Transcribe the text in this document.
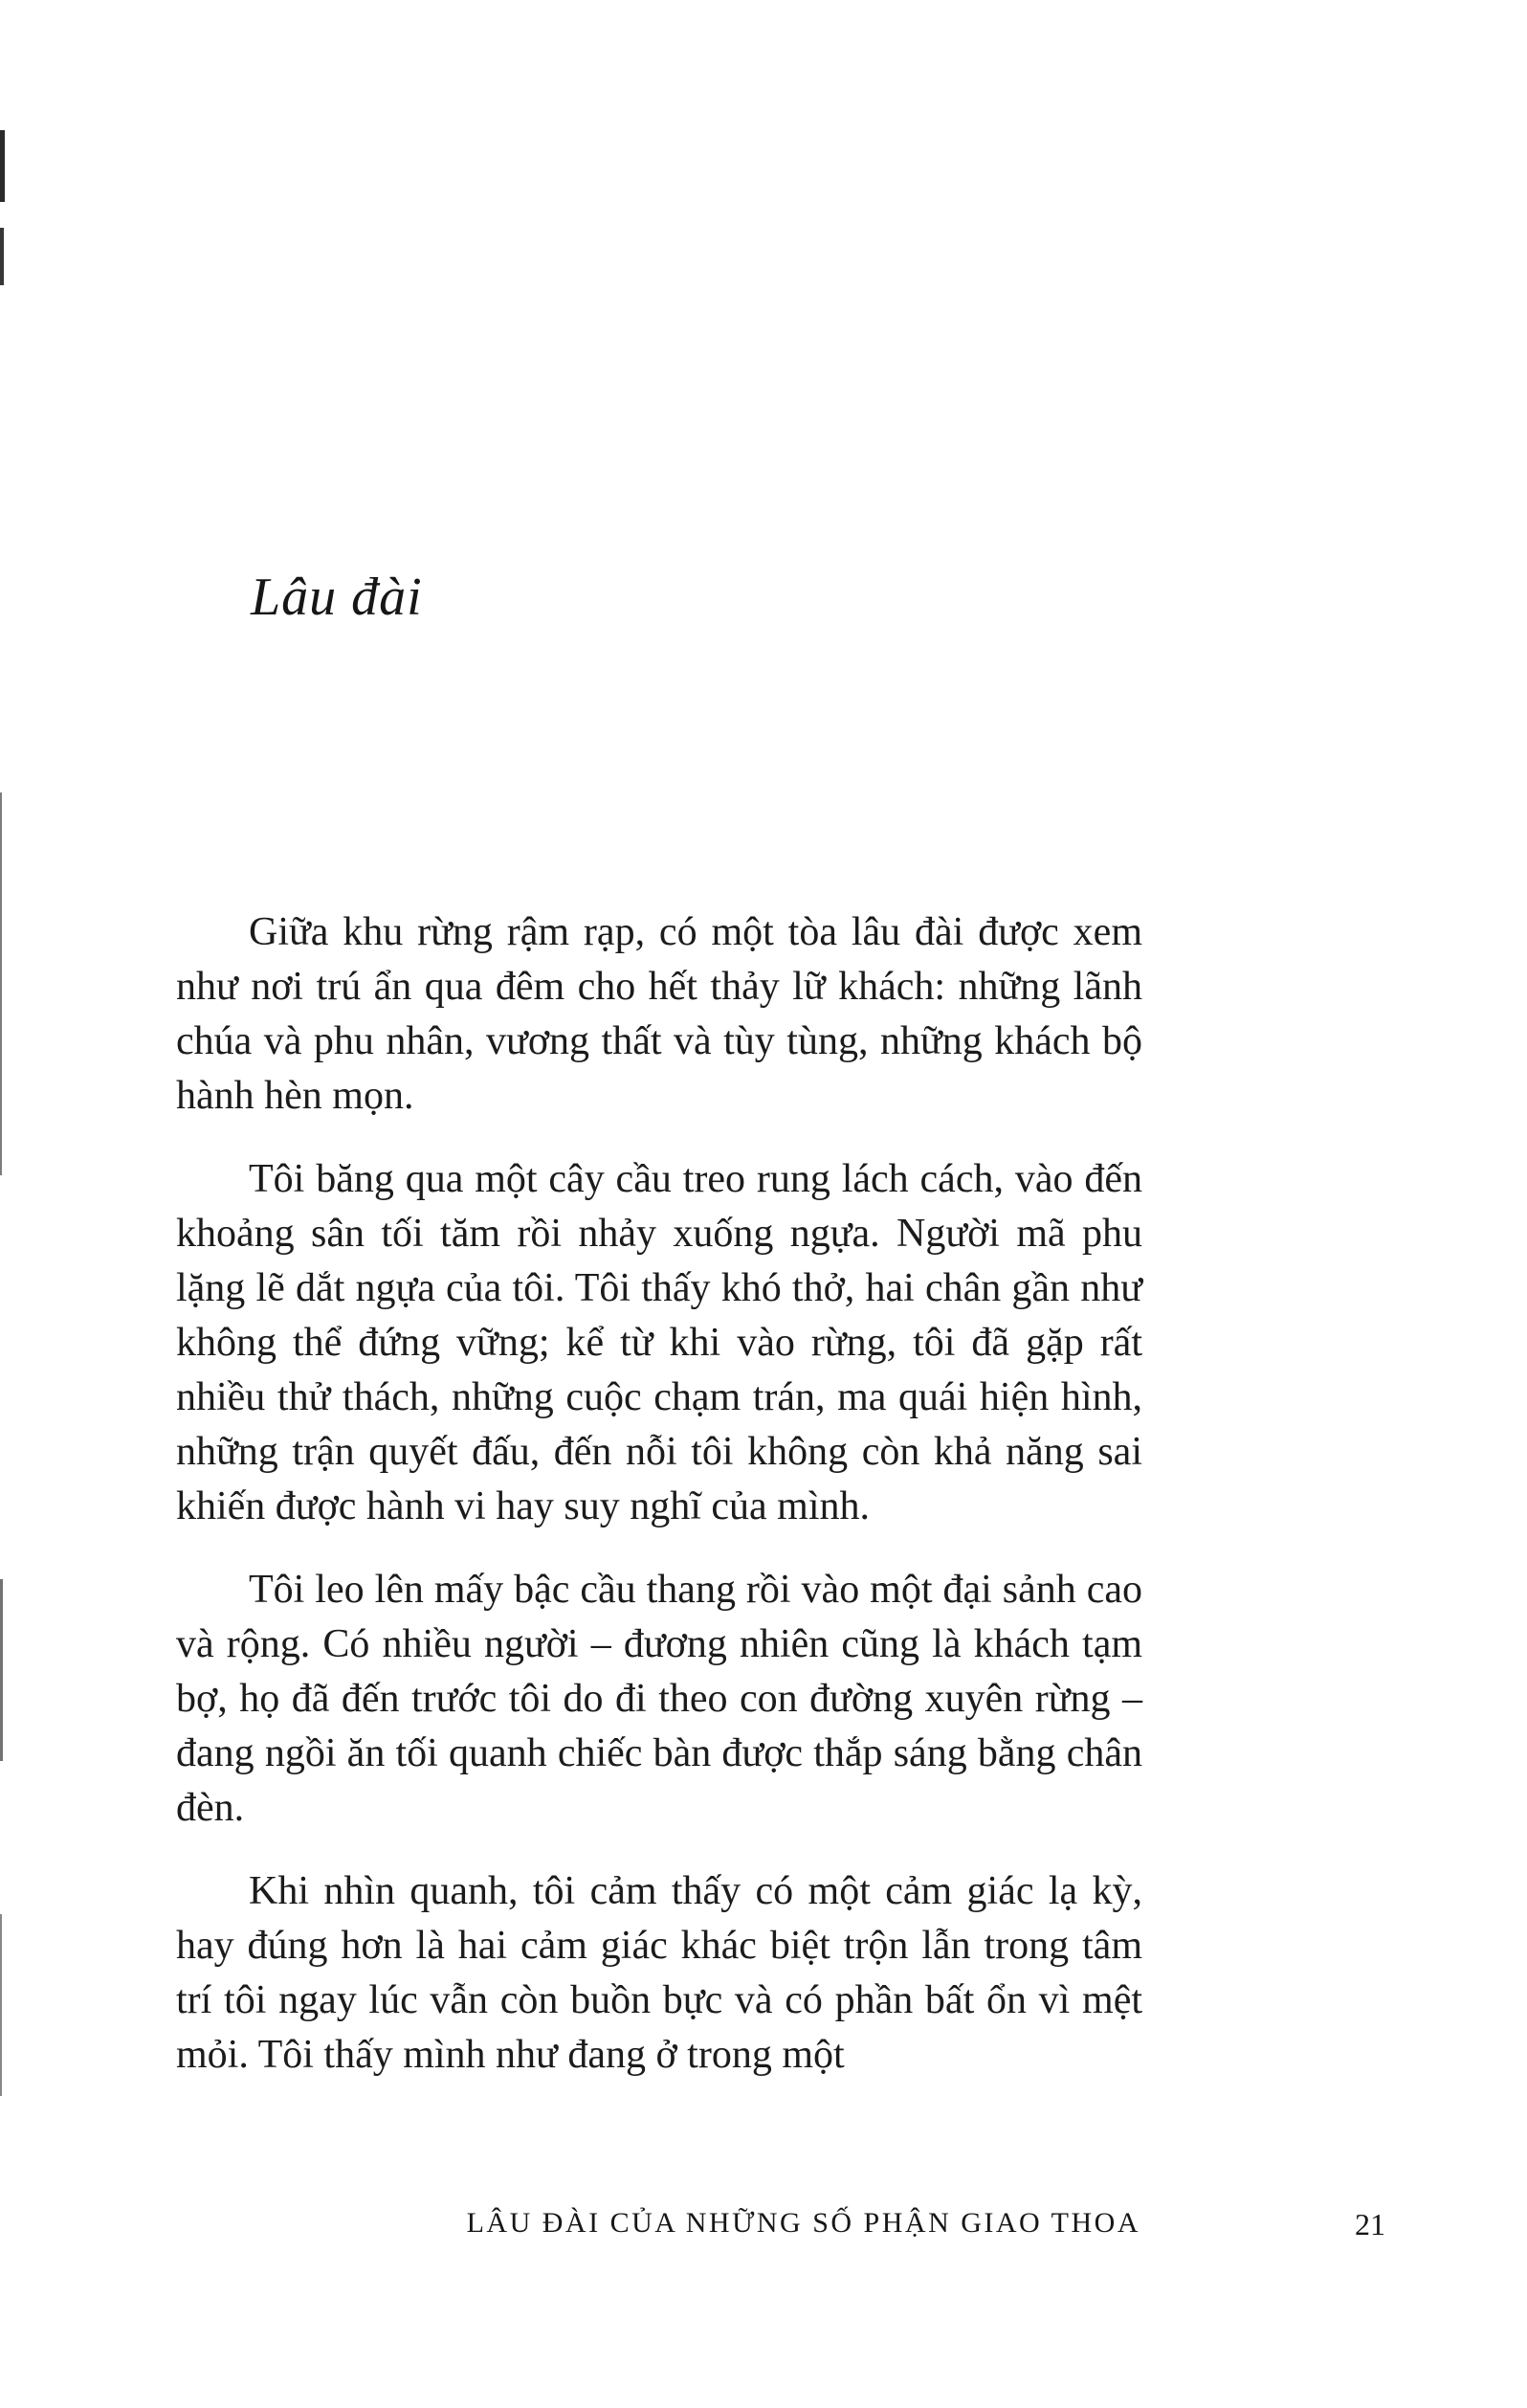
Lâu đài

Giữa khu rừng rậm rạp, có một tòa lâu đài được xem như nơi trú ẩn qua đêm cho hết thảy lữ khách: những lãnh chúa và phu nhân, vương thất và tùy tùng, những khách bộ hành hèn mọn.

Tôi băng qua một cây cầu treo rung lách cách, vào đến khoảng sân tối tăm rồi nhảy xuống ngựa. Người mã phu lặng lẽ dắt ngựa của tôi. Tôi thấy khó thở, hai chân gần như không thể đứng vững; kể từ khi vào rừng, tôi đã gặp rất nhiều thử thách, những cuộc chạm trán, ma quái hiện hình, những trận quyết đấu, đến nỗi tôi không còn khả năng sai khiến được hành vi hay suy nghĩ của mình.

Tôi leo lên mấy bậc cầu thang rồi vào một đại sảnh cao và rộng. Có nhiều người – đương nhiên cũng là khách tạm bợ, họ đã đến trước tôi do đi theo con đường xuyên rừng – đang ngồi ăn tối quanh chiếc bàn được thắp sáng bằng chân đèn.

Khi nhìn quanh, tôi cảm thấy có một cảm giác lạ kỳ, hay đúng hơn là hai cảm giác khác biệt trộn lẫn trong tâm trí tôi ngay lúc vẫn còn buồn bực và có phần bất ổn vì mệt mỏi. Tôi thấy mình như đang ở trong một

LÂU ĐÀI CỦA NHỮNG SỐ PHẬN GIAO THOA	21
